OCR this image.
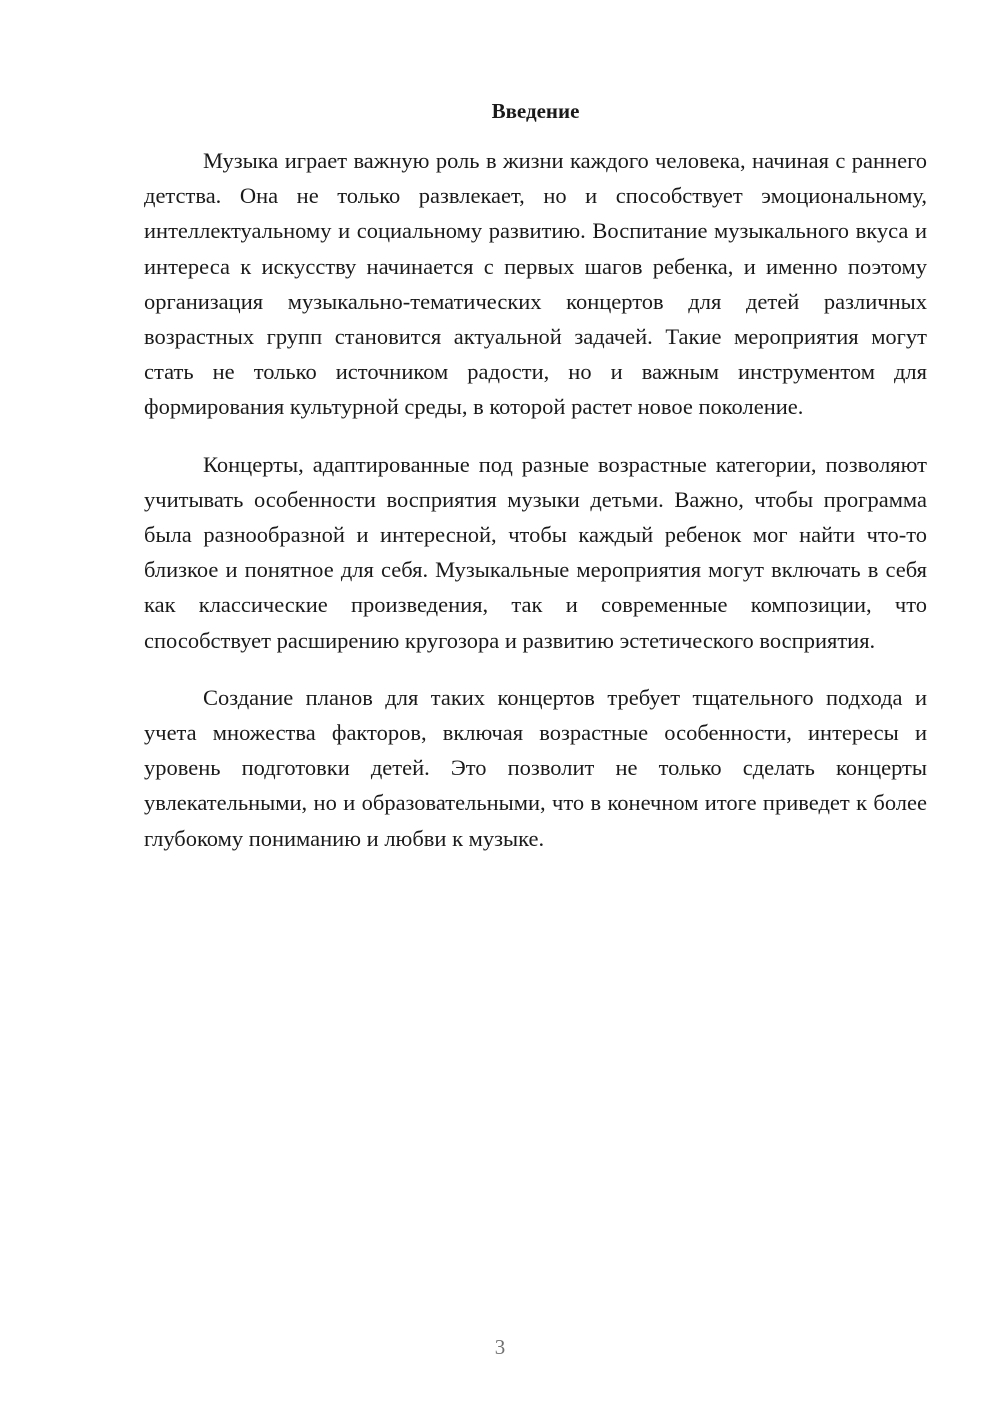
Введение

Музыка играет важную роль в жизни каждого человека, начиная с раннего детства. Она не только развлекает, но и способствует эмоциональному, интеллектуальному и социальному развитию. Воспитание музыкального вкуса и интереса к искусству начинается с первых шагов ребенка, и именно поэтому организация музыкально-тематических концертов для детей различных возрастных групп становится актуальной задачей. Такие мероприятия могут стать не только источником радости, но и важным инструментом для формирования культурной среды, в которой растет новое поколение.

Концерты, адаптированные под разные возрастные категории, позволяют учитывать особенности восприятия музыки детьми. Важно, чтобы программа была разнообразной и интересной, чтобы каждый ребенок мог найти что-то близкое и понятное для себя. Музыкальные мероприятия могут включать в себя как классические произведения, так и современные композиции, что способствует расширению кругозора и развитию эстетического восприятия.

Создание планов для таких концертов требует тщательного подхода и учета множества факторов, включая возрастные особенности, интересы и уровень подготовки детей. Это позволит не только сделать концерты увлекательными, но и образовательными, что в конечном итоге приведет к более глубокому пониманию и любви к музыке.

3
